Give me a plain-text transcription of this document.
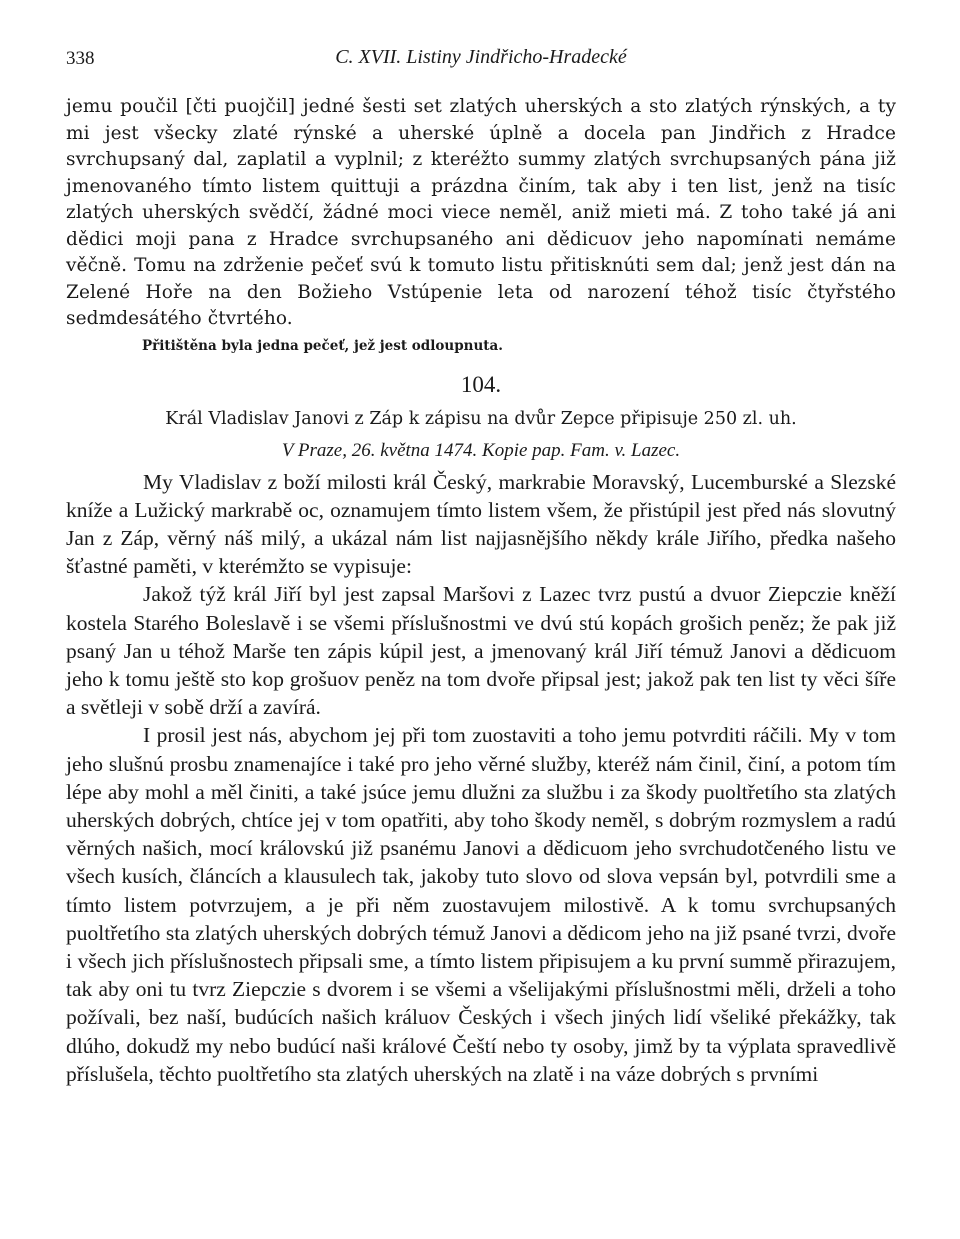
338	C. XVII. Listiny Jindřicho-Hradecké
jemu poučil [čti puojčil] jedné šesti set zlatých uherských a sto zlatých rýnských, a ty mi jest všecky zlaté rýnské a uherské úplně a docela pan Jindřich z Hradce svrchupsaný dal, zaplatil a vyplnil; z kteréžto summy zlatých svrchupsaných pána již jmenovaného tímto listem quittuji a prázdna činím, tak aby i ten list, jenž na tisíc zlatých uherských svědčí, žádné moci viece neměl, aniž mieti má. Z toho také já ani dědici moji pana z Hradce svrchupsaného ani dědicuov jeho napomínati nemáme věčně. Tomu na zdrženie pečeť svú k tomuto listu přitisknúti sem dal; jenž jest dán na Zelené Hoře na den Božieho Vstúpenie leta od narození téhož tisíc čtyřstého sedmdesátého čtvrtého.
Přitištěna byla jedna pečeť, jež jest odloupnuta.
104.
Král Vladislav Janovi z Záp k zápisu na dvůr Zepce připisuje 250 zl. uh.
V Praze, 26. května 1474. Kopie pap. Fam. v. Lazec.

My Vladislav z boží milosti král Český, markrabie Moravský, Lucemburské a Slezské kníže a Lužický markrabě oc, oznamujem tímto listem všem, že přistúpil jest před nás slovutný Jan z Záp, věrný náš milý, a ukázal nám list najjasnějšího někdy krále Jiřího, předka našeho šťastné paměti, v kterémžto se vypisuje:

Jakož týž král Jiří byl jest zapsal Maršovi z Lazec tvrz pustú a dvuor Ziepczie kněží kostela Starého Boleslavě i se všemi příslušnostmi ve dvú stú kopách grošich peněz; že pak již psaný Jan u téhož Marše ten zápis kúpil jest, a jmenovaný král Jiří témuž Janovi a dědicuom jeho k tomu ještě sto kop grošuov peněz na tom dvoře připsal jest; jakož pak ten list ty věci šíře a světleji v sobě drží a zavírá.

I prosil jest nás, abychom jej při tom zuostaviti a toho jemu potvrditi ráčili. My v tom jeho slušnú prosbu znamenajíce i také pro jeho věrné služby, kteréž nám činil, činí, a potom tím lépe aby mohl a měl činiti, a také jsúce jemu dlužni za službu i za škody puoltřetího sta zlatých uherských dobrých, chtíce jej v tom opatřiti, aby toho škody neměl, s dobrým rozmyslem a radú věrných našich, mocí královskú již psanému Janovi a dědicuom jeho svrchudotčeného listu ve všech kusích, článcích a klausulech tak, jakoby tuto slovo od slova vepsán byl, potvrdili sme a tímto listem potvrzujem, a je při něm zuostavujem milostivě. A k tomu svrchupsaných puoltřetího sta zlatých uherských dobrých témuž Janovi a dědicom jeho na již psané tvrzi, dvoře i všech jich příslušnostech připsali sme, a tímto listem připisujem a ku první summě přirazujem, tak aby oni tu tvrz Ziepczie s dvorem i se všemi a všelijakými příslušnostmi měli, drželi a toho požívali, bez naší, budúcích našich králuov Českých i všech jiných lidí všeliké překážky, tak dlúho, dokudž my nebo budúcí naši králové Čeští nebo ty osoby, jimž by ta výplata spravedlivě příslušela, těchto puoltřetího sta zlatých uherských na zlatě i na váze dobrých s prvními
